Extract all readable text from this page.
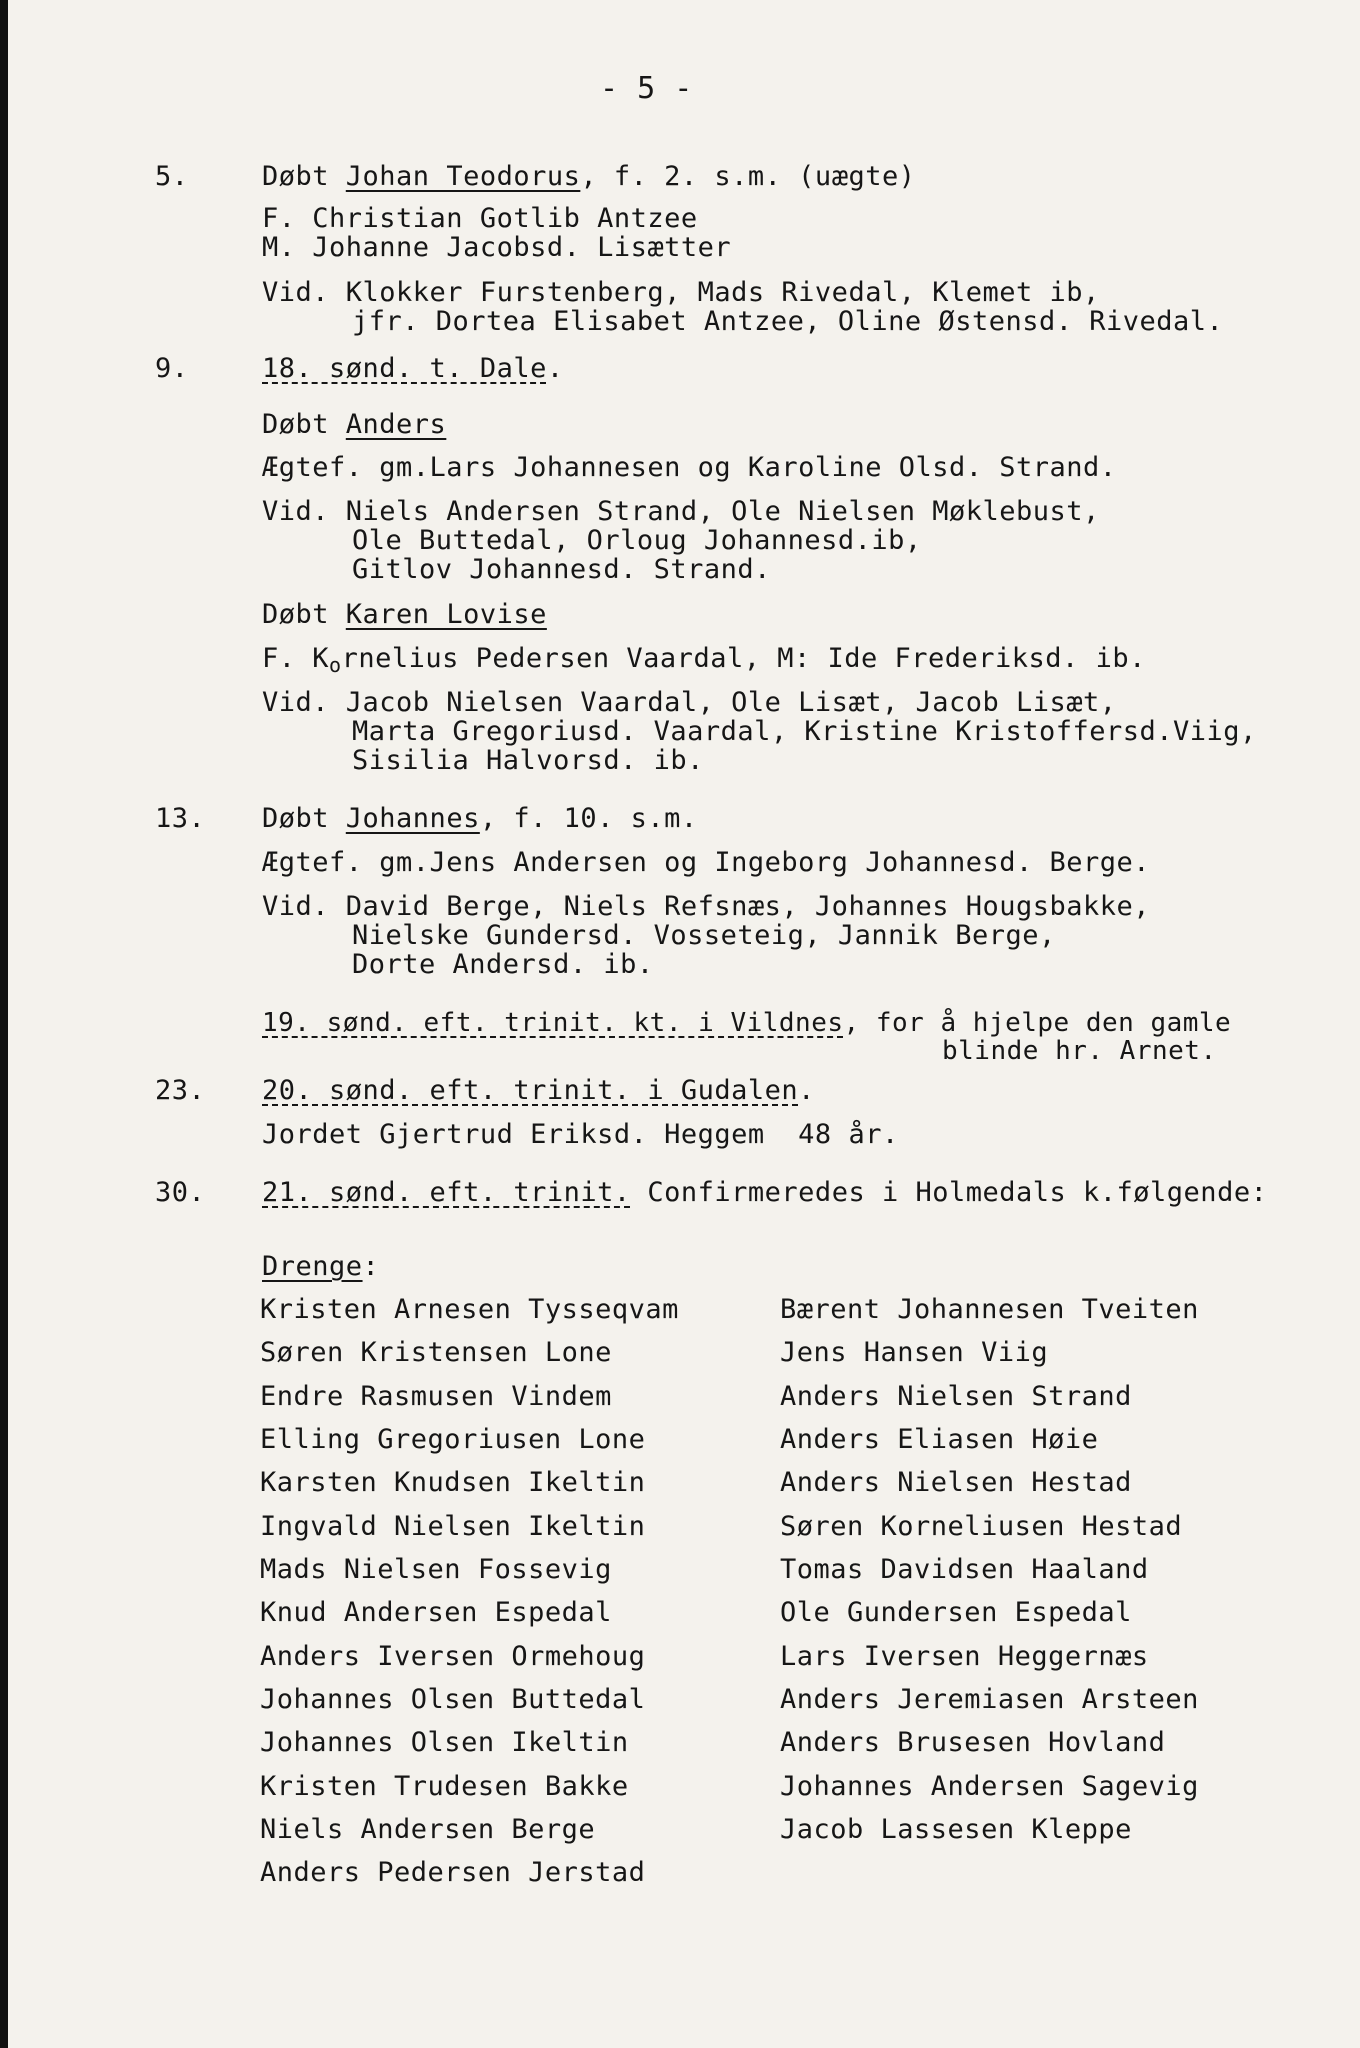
- 5 -
5.	Døbt Johan Teodorus, f. 2. s.m. (uægte)
F. Christian Gotlib Antzee
M. Johanne Jacobsd. Lisætter
Vid. Klokker Furstenberg, Mads Rivedal, Klemet ib,
jfr. Dortea Elisabet Antzee, Oline Østensd. Rivedal.
9.	18. sønd. t. Dale.
Døbt Anders
Ægtef. gm.Lars Johannesen og Karoline Olsd. Strand.
Vid. Niels Andersen Strand, Ole Nielsen Møklebust,
Ole Buttedal, Orloug Johannesd.ib,
Gitlov Johannesd. Strand.
Døbt Karen Lovise
F. Kornelius Pedersen Vaardal, M: Ide Frederiksd. ib.
Vid. Jacob Nielsen Vaardal, Ole Lisæt, Jacob Lisæt,
Marta Gregoriusd. Vaardal, Kristine Kristoffersd.Viig,
Sisilia Halvorsd. ib.
13. Døbt Johannes, f. 10. s.m.
Ægtef. gm.Jens Andersen og Ingeborg Johannesd. Berge.
Vid. David Berge, Niels Refsnæs, Johannes Hougsbakke,
Nielske Gundersd. Vosseteig, Jannik Berge,
Dorte Andersd. ib.
19. sønd. eft. trinit. kt. i Vildnes, for å hjelpe den gamle
blinde hr. Arnet.
23. 20. sønd. eft. trinit. i Gudalen.
Jordet Gjertrud Eriksd. Heggem  48 år.
30. 21. sønd. eft. trinit. Confirmeredes i Holmedals k.følgende:
Drenge:
Kristen Arnesen Tysseqvam
Søren Kristensen Lone
Endre Rasmusen Vindem
Elling Gregoriusen Lone
Karsten Knudsen Ikeltin
Ingvald Nielsen Ikeltin
Mads Nielsen Fossevig
Knud Andersen Espedal
Anders Iversen Ormehoug
Johannes Olsen Buttedal
Johannes Olsen Ikeltin
Kristen Trudesen Bakke
Niels Andersen Berge
Anders Pedersen Jerstad
Bærent Johannesen Tveiten
Jens Hansen Viig
Anders Nielsen Strand
Anders Eliasen Høie
Anders Nielsen Hestad
Søren Korneliusen Hestad
Tomas Davidsen Haaland
Ole Gundersen Espedal
Lars Iversen Heggernæs
Anders Jeremiasen Arsteen
Anders Brusesen Hovland
Johannes Andersen Sagevig
Jacob Lassesen Kleppe
